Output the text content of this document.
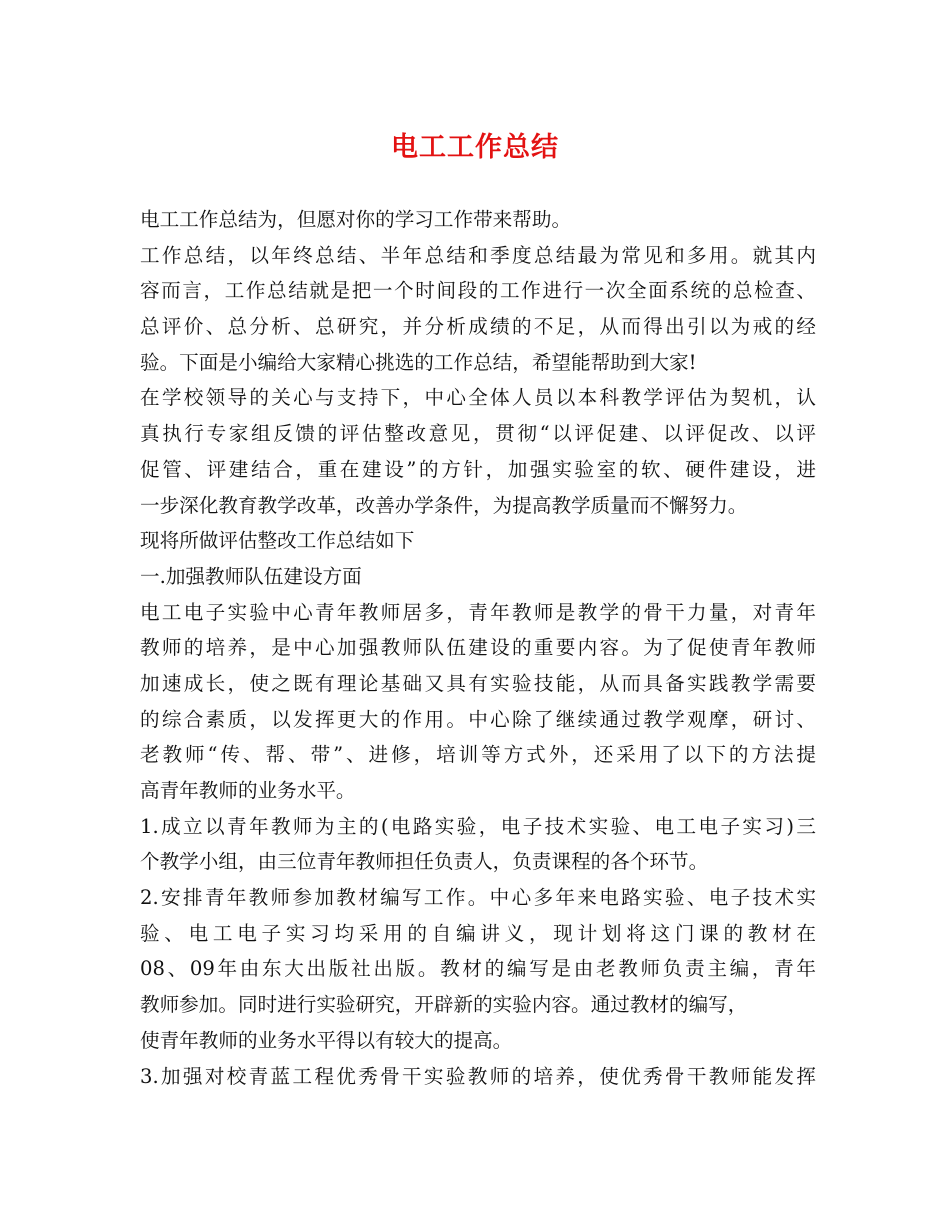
电工工作总结
电工工作总结为，但愿对你的学习工作带来帮助。
工作总结，以年终总结、半年总结和季度总结最为常见和多用。就其内
容而言，工作总结就是把一个时间段的工作进行一次全面系统的总检查、
总评价、总分析、总研究，并分析成绩的不足，从而得出引以为戒的经
验。下面是小编给大家精心挑选的工作总结，希望能帮助到大家!
在学校领导的关心与支持下，中心全体人员以本科教学评估为契机，认
真执行专家组反馈的评估整改意见，贯彻“以评促建、以评促改、以评
促管、评建结合，重在建设”的方针，加强实验室的软、硬件建设，进
一步深化教育教学改革，改善办学条件，为提高教学质量而不懈努力。
现将所做评估整改工作总结如下
一.加强教师队伍建设方面
电工电子实验中心青年教师居多，青年教师是教学的骨干力量，对青年
教师的培养，是中心加强教师队伍建设的重要内容。为了促使青年教师
加速成长，使之既有理论基础又具有实验技能，从而具备实践教学需要
的综合素质，以发挥更大的作用。中心除了继续通过教学观摩，研讨、
老教师“传、帮、带”、进修，培训等方式外，还采用了以下的方法提
高青年教师的业务水平。
1.成立以青年教师为主的(电路实验，电子技术实验、电工电子实习)三
个教学小组，由三位青年教师担任负责人，负责课程的各个环节。
2.安排青年教师参加教材编写工作。中心多年来电路实验、电子技术实
验、电工电子实习均采用的自编讲义，现计划将这门课的教材在
08、09年由东大出版社出版。教材的编写是由老教师负责主编，青年
教师参加。同时进行实验研究，开辟新的实验内容。通过教材的编写，
使青年教师的业务水平得以有较大的提高。
3.加强对校青蓝工程优秀骨干实验教师的培养，使优秀骨干教师能发挥
